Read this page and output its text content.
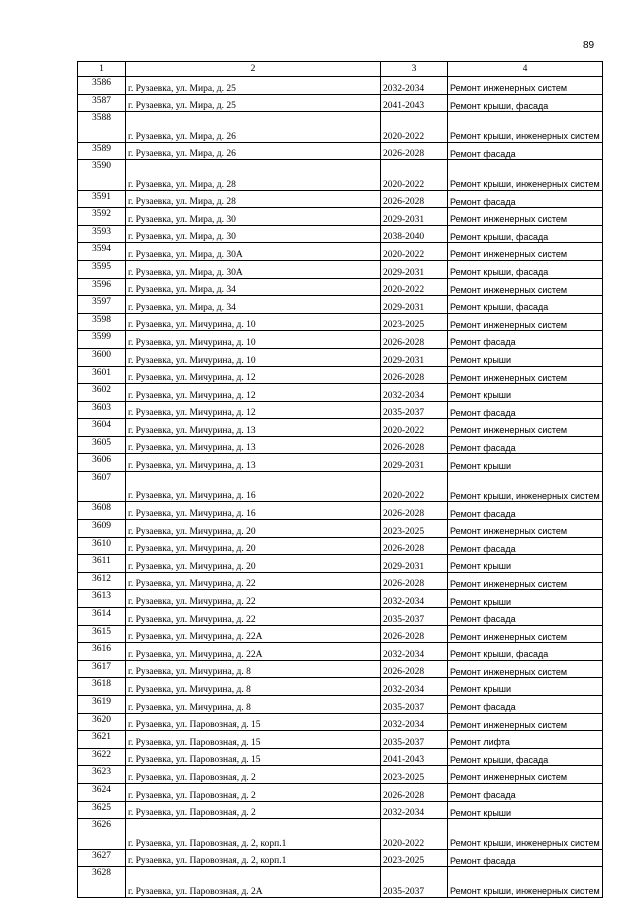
89
1	2	3	4
3586	г. Рузаевка, ул. Мира, д. 25	2032-2034	Ремонт инженерных систем
3587	г. Рузаевка, ул. Мира, д. 25	2041-2043	Ремонт крыши, фасада
3588	г. Рузаевка, ул. Мира, д. 26	2020-2022	Ремонт крыши, инженерных систем
3589	г. Рузаевка, ул. Мира, д. 26	2026-2028	Ремонт фасада
3590	г. Рузаевка, ул. Мира, д. 28	2020-2022	Ремонт крыши, инженерных систем
3591	г. Рузаевка, ул. Мира, д. 28	2026-2028	Ремонт фасада
3592	г. Рузаевка, ул. Мира, д. 30	2029-2031	Ремонт инженерных систем
3593	г. Рузаевка, ул. Мира, д. 30	2038-2040	Ремонт крыши, фасада
3594	г. Рузаевка, ул. Мира, д. 30А	2020-2022	Ремонт инженерных систем
3595	г. Рузаевка, ул. Мира, д. 30А	2029-2031	Ремонт крыши, фасада
3596	г. Рузаевка, ул. Мира, д. 34	2020-2022	Ремонт инженерных систем
3597	г. Рузаевка, ул. Мира, д. 34	2029-2031	Ремонт крыши, фасада
3598	г. Рузаевка, ул. Мичурина, д. 10	2023-2025	Ремонт инженерных систем
3599	г. Рузаевка, ул. Мичурина, д. 10	2026-2028	Ремонт фасада
3600	г. Рузаевка, ул. Мичурина, д. 10	2029-2031	Ремонт крыши
3601	г. Рузаевка, ул. Мичурина, д. 12	2026-2028	Ремонт инженерных систем
3602	г. Рузаевка, ул. Мичурина, д. 12	2032-2034	Ремонт крыши
3603	г. Рузаевка, ул. Мичурина, д. 12	2035-2037	Ремонт фасада
3604	г. Рузаевка, ул. Мичурина, д. 13	2020-2022	Ремонт инженерных систем
3605	г. Рузаевка, ул. Мичурина, д. 13	2026-2028	Ремонт фасада
3606	г. Рузаевка, ул. Мичурина, д. 13	2029-2031	Ремонт крыши
3607	г. Рузаевка, ул. Мичурина, д. 16	2020-2022	Ремонт крыши, инженерных систем
3608	г. Рузаевка, ул. Мичурина, д. 16	2026-2028	Ремонт фасада
3609	г. Рузаевка, ул. Мичурина, д. 20	2023-2025	Ремонт инженерных систем
3610	г. Рузаевка, ул. Мичурина, д. 20	2026-2028	Ремонт фасада
3611	г. Рузаевка, ул. Мичурина, д. 20	2029-2031	Ремонт крыши
3612	г. Рузаевка, ул. Мичурина, д. 22	2026-2028	Ремонт инженерных систем
3613	г. Рузаевка, ул. Мичурина, д. 22	2032-2034	Ремонт крыши
3614	г. Рузаевка, ул. Мичурина, д. 22	2035-2037	Ремонт фасада
3615	г. Рузаевка, ул. Мичурина, д. 22А	2026-2028	Ремонт инженерных систем
3616	г. Рузаевка, ул. Мичурина, д. 22А	2032-2034	Ремонт крыши, фасада
3617	г. Рузаевка, ул. Мичурина, д. 8	2026-2028	Ремонт инженерных систем
3618	г. Рузаевка, ул. Мичурина, д. 8	2032-2034	Ремонт крыши
3619	г. Рузаевка, ул. Мичурина, д. 8	2035-2037	Ремонт фасада
3620	г. Рузаевка, ул. Паровозная, д. 15	2032-2034	Ремонт инженерных систем
3621	г. Рузаевка, ул. Паровозная, д. 15	2035-2037	Ремонт лифта
3622	г. Рузаевка, ул. Паровозная, д. 15	2041-2043	Ремонт крыши, фасада
3623	г. Рузаевка, ул. Паровозная, д. 2	2023-2025	Ремонт инженерных систем
3624	г. Рузаевка, ул. Паровозная, д. 2	2026-2028	Ремонт фасада
3625	г. Рузаевка, ул. Паровозная, д. 2	2032-2034	Ремонт крыши
3626	г. Рузаевка, ул. Паровозная, д. 2, корп.1	2020-2022	Ремонт крыши, инженерных систем
3627	г. Рузаевка, ул. Паровозная, д. 2, корп.1	2023-2025	Ремонт фасада
3628	г. Рузаевка, ул. Паровозная, д. 2А	2035-2037	Ремонт крыши, инженерных систем
